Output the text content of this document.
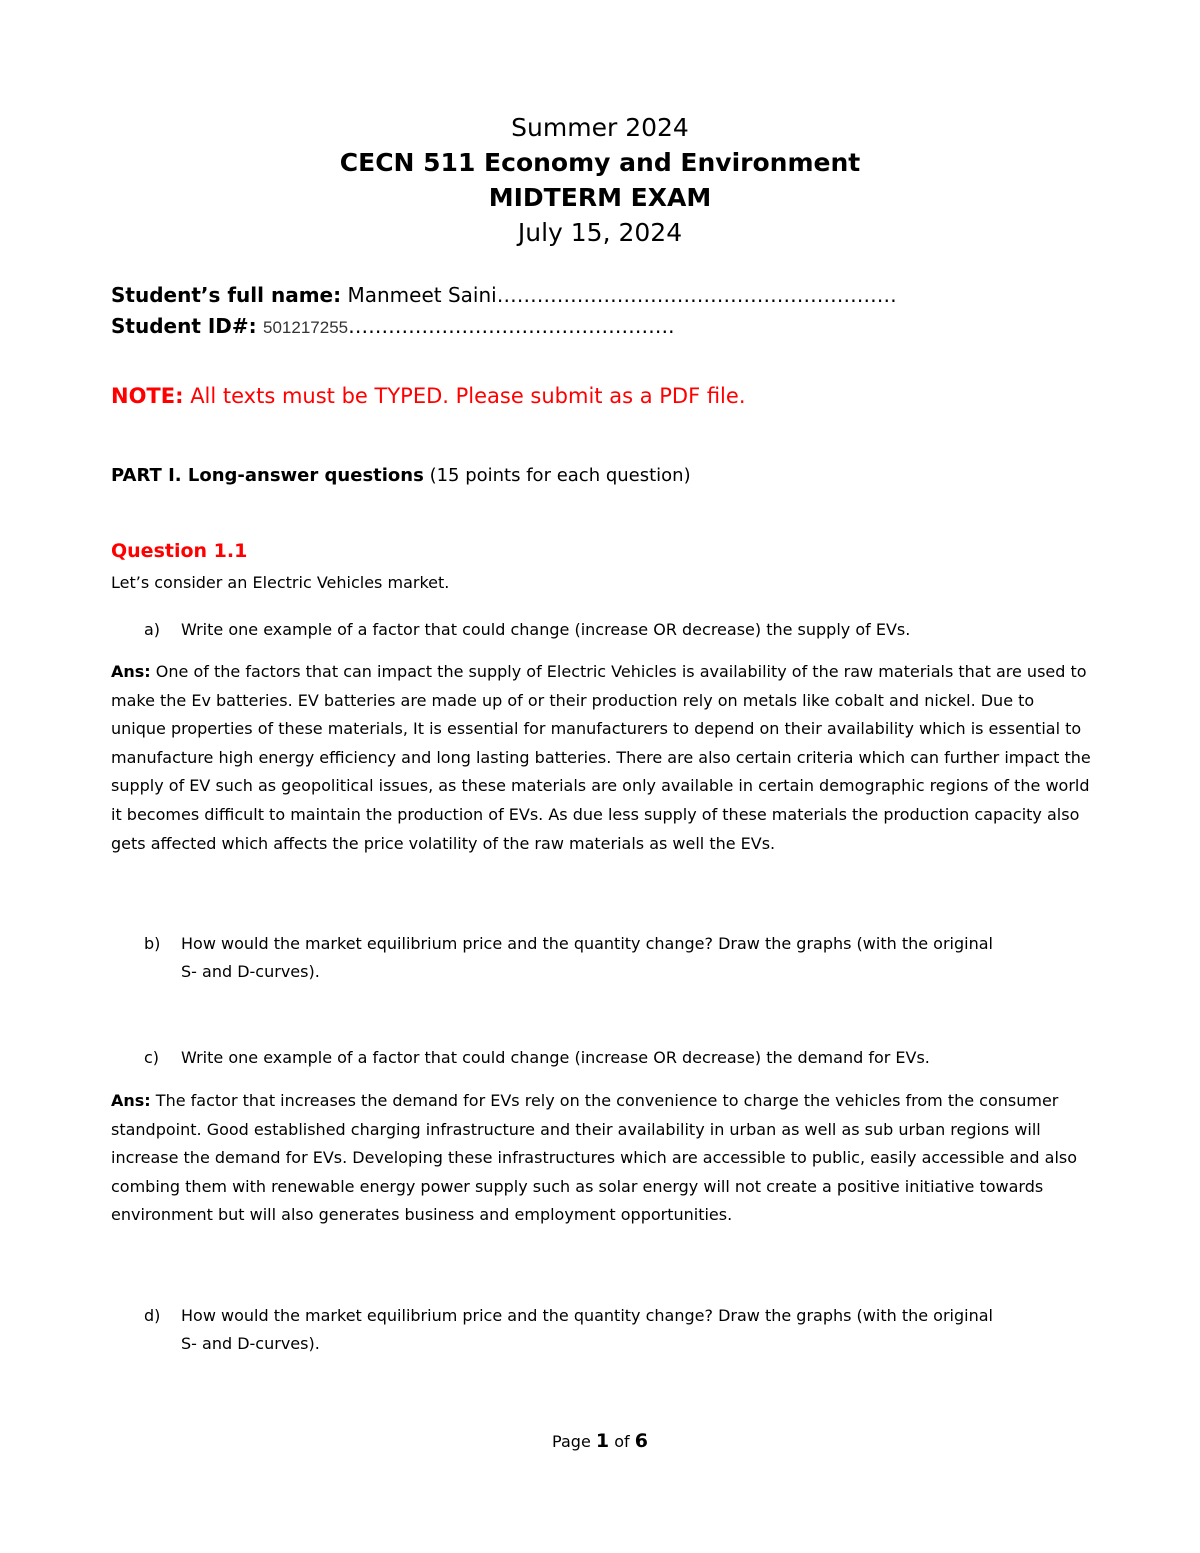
Summer 2024
CECN 511 Economy and Environment
MIDTERM EXAM
July 15, 2024
Student’s full name: Manmeet Saini……………………………………………………
Student ID#: 501217255………………………………………….
NOTE: All texts must be TYPED. Please submit as a PDF file.
PART I. Long-answer questions (15 points for each question)
Question 1.1
Let’s consider an Electric Vehicles market.
a) Write one example of a factor that could change (increase OR decrease) the supply of EVs.
Ans: One of the factors that can impact the supply of Electric Vehicles is availability of the raw materials that are used to make the Ev batteries. EV batteries are made up of or their production rely on metals like cobalt and nickel. Due to unique properties of these materials, It is essential for manufacturers to depend on their availability which is essential to manufacture high energy efficiency and long lasting batteries. There are also certain criteria which can further impact the supply of EV such as geopolitical issues, as these materials are only available in certain demographic regions of the world it becomes difficult to maintain the production of EVs. As due less supply of these materials the production capacity also gets affected which affects the price volatility of the raw materials as well the EVs.
b) How would the market equilibrium price and the quantity change? Draw the graphs (with the original
S- and D-curves).
c) Write one example of a factor that could change (increase OR decrease) the demand for EVs.
Ans: The factor that increases the demand for EVs rely on the convenience to charge the vehicles from the consumer standpoint. Good established charging infrastructure and their availability in urban as well as sub urban regions will increase the demand for EVs. Developing these infrastructures which are accessible to public, easily accessible and also combing them with renewable energy power supply such as solar energy will not create a positive initiative towards environment but will also generates business and employment opportunities.
d) How would the market equilibrium price and the quantity change? Draw the graphs (with the original
S- and D-curves).
Page 1 of 6
